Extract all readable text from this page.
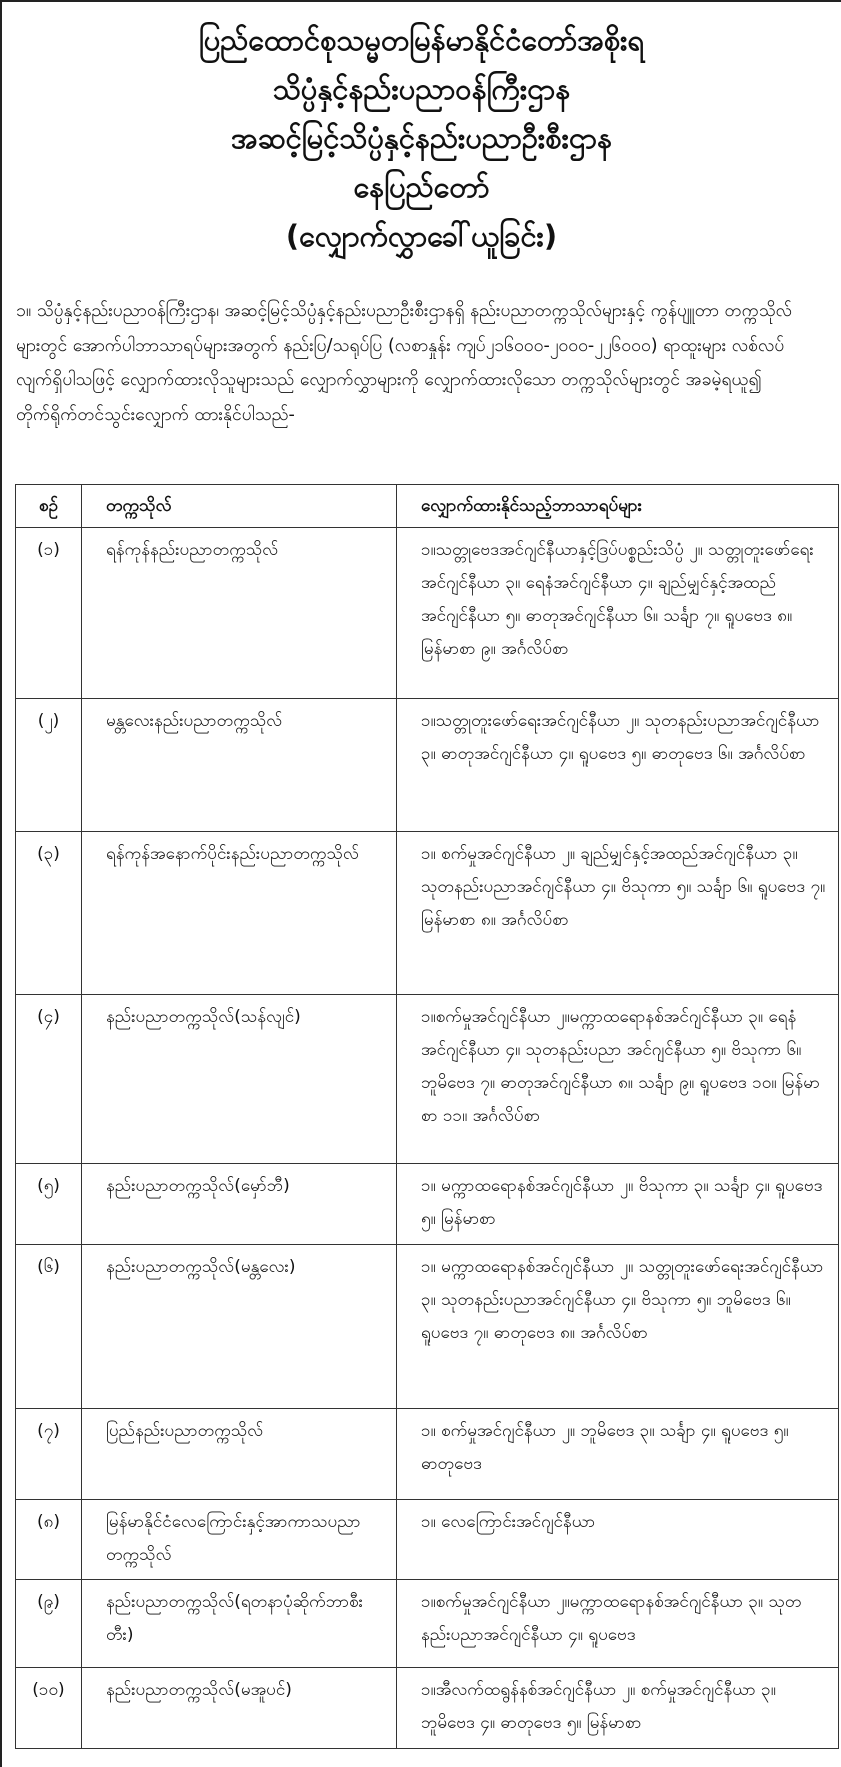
ပြည်ထောင်စုသမ္မတမြန်မာနိုင်ငံတော်အစိုးရ
သိပ္ပံနှင့်နည်းပညာဝန်ကြီးဌာန
အဆင့်မြင့်သိပ္ပံနှင့်နည်းပညာဦးစီးဌာန
နေပြည်တော်
(လျှောက်လွှာခေါ်ယူခြင်း)

၁။ သိပ္ပံနှင့်နည်းပညာဝန်ကြီးဌာန၊ အဆင့်မြင့်သိပ္ပံနှင့်နည်းပညာဦးစီးဌာနရှိ နည်းပညာတက္ကသိုလ်များနှင့် ကွန်ပျူတာ တက္ကသိုလ်များတွင် အောက်ပါဘာသာရပ်များအတွက် နည်းပြ/သရုပ်ပြ (လစာနှုန်း ကျပ်၂၁၆၀၀၀-၂၀၀၀-၂၂၆၀၀၀) ရာထူးများ လစ်လပ်လျက်ရှိပါသဖြင့် လျှောက်ထားလိုသူများသည် လျှောက်လွှာများကို လျှောက်ထားလိုသော တက္ကသိုလ်များတွင် အခမဲ့ရယူ၍ တိုက်ရိုက်တင်သွင်းလျှောက် ထားနိုင်ပါသည်-

စဉ်	တက္ကသိုလ်	လျှောက်ထားနိုင်သည့်ဘာသာရပ်များ
(၁)	ရန်ကုန်နည်းပညာတက္ကသိုလ်	၁။သတ္တုဗေဒအင်ဂျင်နီယာနှင့်ဒြပ်ပစ္စည်းသိပ္ပံ ၂။ သတ္တုတူးဖော်ရေးအင်ဂျင်နီယာ ၃။ ရေနံအင်ဂျင်နီယာ ၄။ ချည်မျှင်နှင့်အထည်အင်ဂျင်နီယာ ၅။ ဓာတုအင်ဂျင်နီယာ ၆။ သင်္ချာ ၇။ ရူပဗေဒ ၈။ မြန်မာစာ ၉။ အင်္ဂလိပ်စာ
(၂)	မန္တလေးနည်းပညာတက္ကသိုလ်	၁။သတ္တုတူးဖော်ရေးအင်ဂျင်နီယာ ၂။ သုတနည်းပညာအင်ဂျင်နီယာ ၃။ ဓာတုအင်ဂျင်နီယာ ၄။ ရူပဗေဒ ၅။ ဓာတုဗေဒ ၆။ အင်္ဂလိပ်စာ
(၃)	ရန်ကုန်အနောက်ပိုင်းနည်းပညာတက္ကသိုလ်	၁။ စက်မှုအင်ဂျင်နီယာ ၂။ ချည်မျှင်နှင့်အထည်အင်ဂျင်နီယာ ၃။ သုတနည်းပညာအင်ဂျင်နီယာ ၄။ ဗိသုကာ ၅။ သင်္ချာ ၆။ ရူပဗေဒ ၇။ မြန်မာစာ ၈။ အင်္ဂလိပ်စာ
(၄)	နည်းပညာတက္ကသိုလ်(သန်လျင်)	၁။စက်မှုအင်ဂျင်နီယာ ၂။မက္ကာထရောနစ်အင်ဂျင်နီယာ ၃။ ရေနံအင်ဂျင်နီယာ ၄။ သုတနည်းပညာ အင်ဂျင်နီယာ ၅။ ဗိသုကာ ၆။ ဘူမိဗေဒ ၇။ ဓာတုအင်ဂျင်နီယာ ၈။ သင်္ချာ ၉။ ရူပဗေဒ ၁၀။ မြန်မာစာ ၁၁။ အင်္ဂလိပ်စာ
(၅)	နည်းပညာတက္ကသိုလ်(မှော်ဘီ)	၁။ မက္ကာထရောနစ်အင်ဂျင်နီယာ ၂။ ဗိသုကာ ၃။ သင်္ချာ ၄။ ရူပဗေဒ ၅။ မြန်မာစာ
(၆)	နည်းပညာတက္ကသိုလ်(မန္တလေး)	၁။ မက္ကာထရောနစ်အင်ဂျင်နီယာ ၂။ သတ္တုတူးဖော်ရေးအင်ဂျင်နီယာ ၃။ သုတနည်းပညာအင်ဂျင်နီယာ ၄။ ဗိသုကာ ၅။ ဘူမိဗေဒ ၆။ ရူပဗေဒ ၇။ ဓာတုဗေဒ ၈။ အင်္ဂလိပ်စာ
(၇)	ပြည်နည်းပညာတက္ကသိုလ်	၁။ စက်မှုအင်ဂျင်နီယာ ၂။ ဘူမိဗေဒ ၃။ သင်္ချာ ၄။ ရူပဗေဒ ၅။ ဓာတုဗေဒ
(၈)	မြန်မာနိုင်ငံလေကြောင်းနှင့်အာကာသပညာတက္ကသိုလ်	၁။ လေကြောင်းအင်ဂျင်နီယာ
(၉)	နည်းပညာတက္ကသိုလ်(ရတနာပုံဆိုက်ဘာစီးတီး)	၁။စက်မှုအင်ဂျင်နီယာ ၂။မက္ကာထရောနစ်အင်ဂျင်နီယာ ၃။ သုတနည်းပညာအင်ဂျင်နီယာ ၄။ ရူပဗေဒ
(၁၀)	နည်းပညာတက္ကသိုလ်(မအူပင်)	၁။အီလက်ထရွန်နစ်အင်ဂျင်နီယာ ၂။ စက်မှုအင်ဂျင်နီယာ ၃။ဘူမိဗေဒ ၄။ ဓာတုဗေဒ ၅။ မြန်မာစာ
